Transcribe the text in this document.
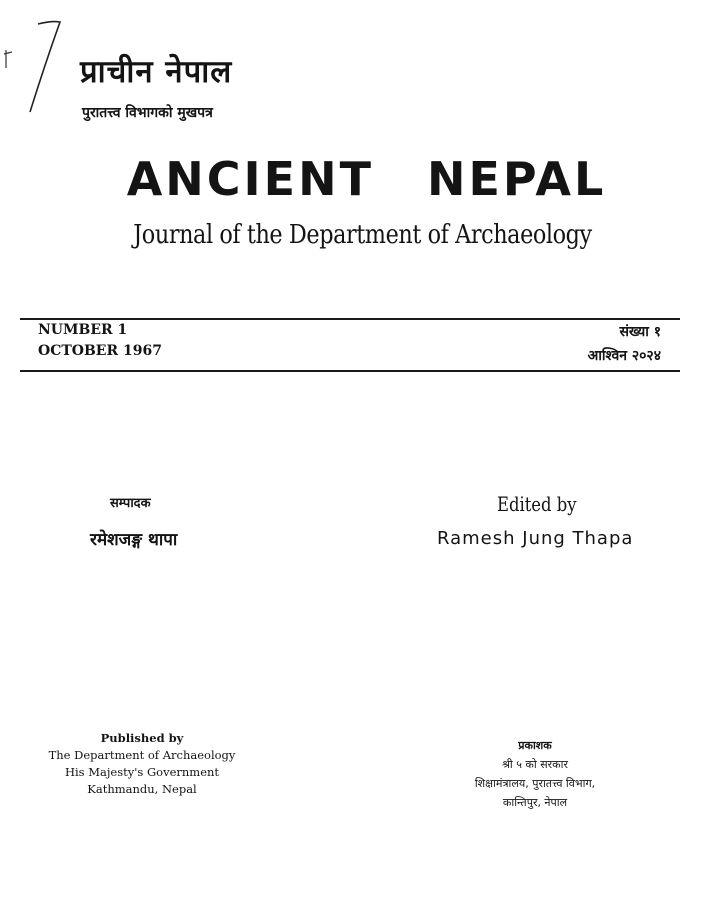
प्राचीन नेपाल
पुरातत्त्व विभागको मुखपत्र
ANCIENT NEPAL
Journal of the Department of Archaeology
NUMBER 1
OCTOBER 1967
संख्या १
आश्विन २०२४
सम्पादक
रमेशजङ्ग थापा
Edited by
Ramesh Jung Thapa
Published by
The Department of Archaeology
His Majesty's Government
Kathmandu, Nepal
प्रकाशक
श्री ५ को सरकार
शिक्षामंत्रालय, पुरातत्त्व विभाग,
कान्तिपुर, नेपाल
